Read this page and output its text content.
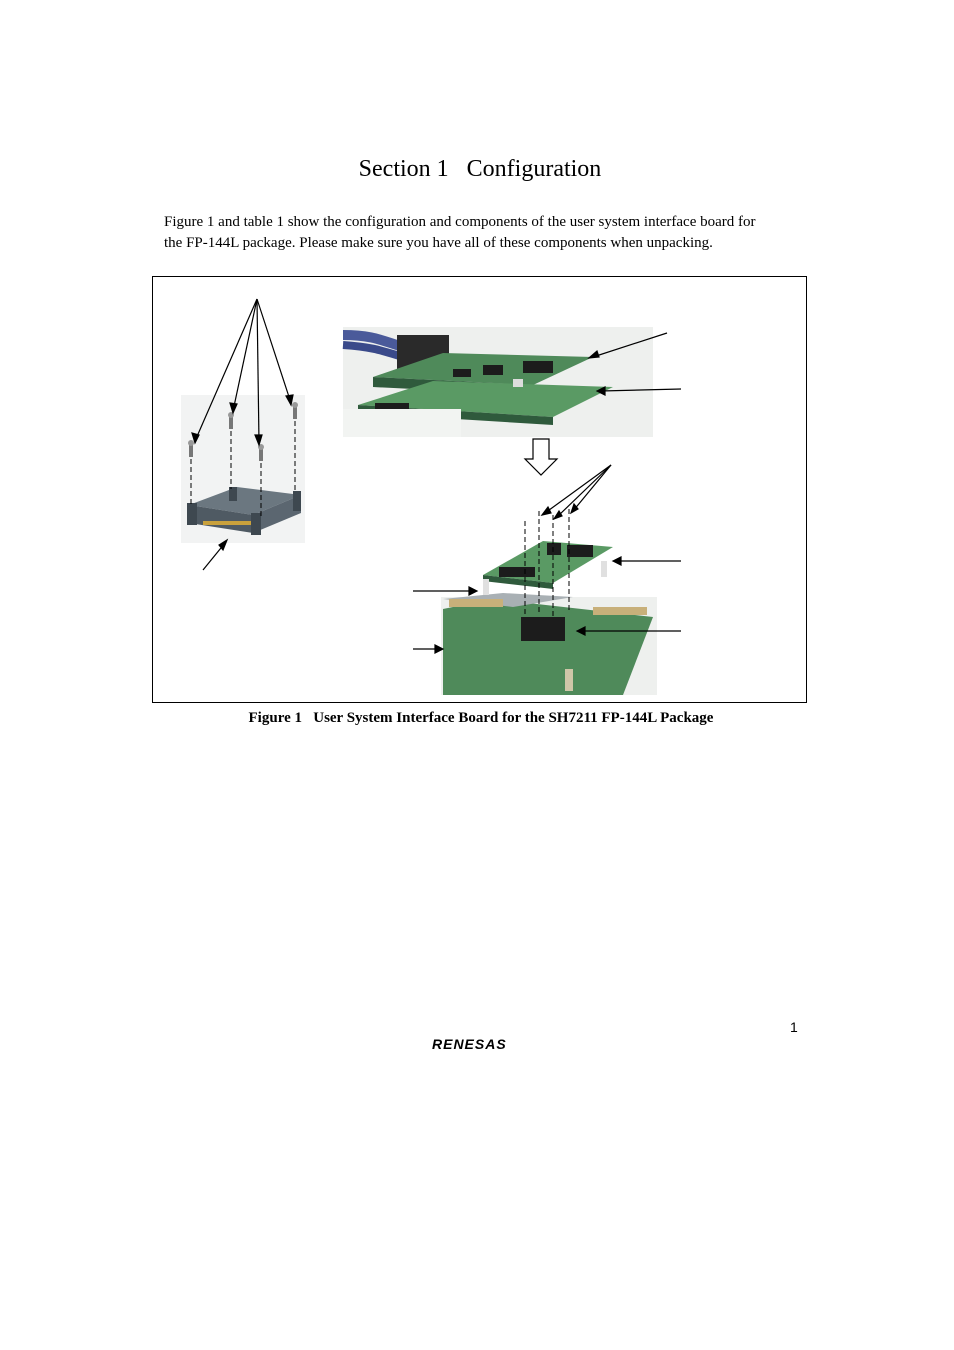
Section 1   Configuration

Figure 1 and table 1 show the configuration and components of the user system interface board for

the FP-144L package. Please make sure you have all of these components when unpacking.

Figure 1   User System Interface Board for the SH7211 FP-144L Package
1
RENESAS
